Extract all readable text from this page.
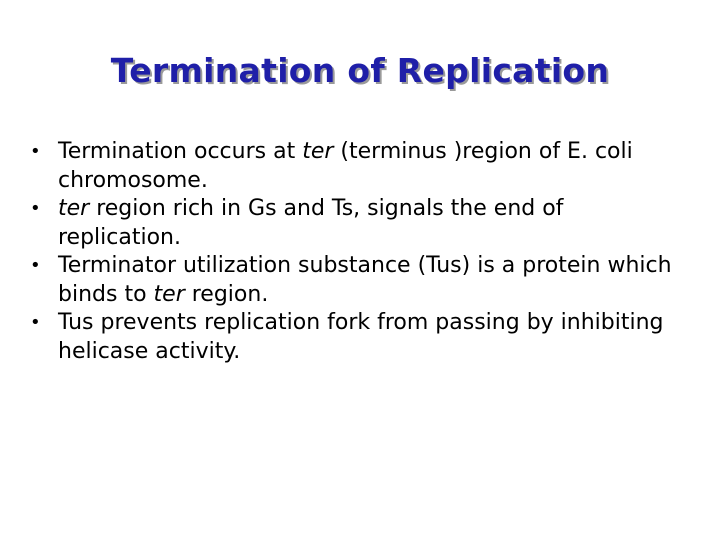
Termination of Replication
• Termination occurs at ter (terminus )region of E. coli chromosome.
• ter region rich in Gs and Ts, signals the end of replication.
• Terminator utilization substance (Tus) is a protein which binds to ter region.
• Tus prevents replication fork from passing by inhibiting helicase activity.
